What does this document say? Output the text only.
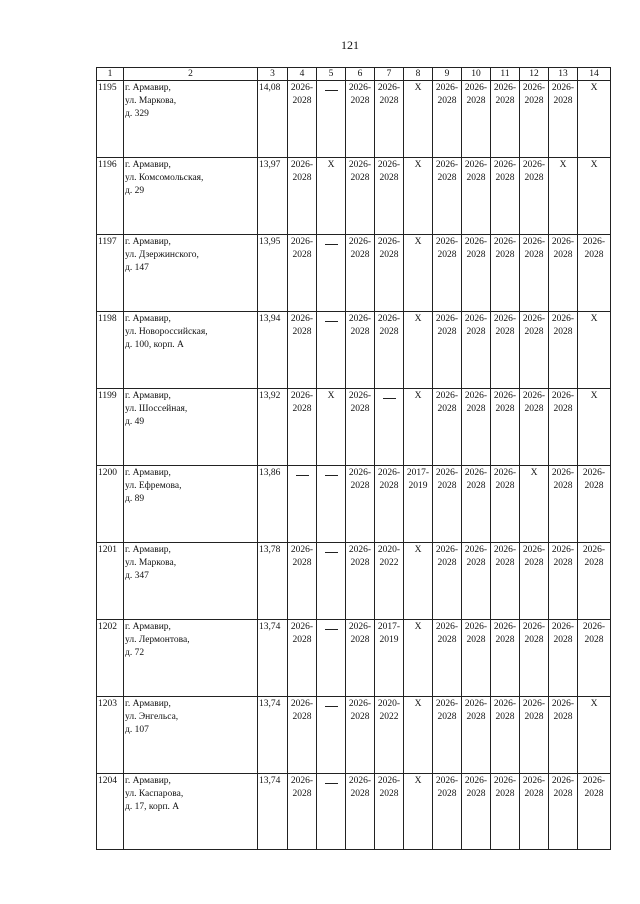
121
1	2	3	4	5	6	7	8	9	10	11	12	13	14
1195	г. Армавир,
ул. Маркова,
д. 329	14,08	2026-2028		2026-2028	2026-2028	Х	2026-2028	2026-2028	2026-2028	2026-2028	2026-2028	Х
1196	г. Армавир,
ул. Комсомольская,
д. 29	13,97	2026-2028	Х	2026-2028	2026-2028	Х	2026-2028	2026-2028	2026-2028	2026-2028	Х	Х
1197	г. Армавир,
ул. Дзержинского,
д. 147	13,95	2026-2028		2026-2028	2026-2028	Х	2026-2028	2026-2028	2026-2028	2026-2028	2026-2028	2026-2028
1198	г. Армавир,
ул. Новороссийская,
д. 100, корп. А	13,94	2026-2028		2026-2028	2026-2028	Х	2026-2028	2026-2028	2026-2028	2026-2028	2026-2028	Х
1199	г. Армавир,
ул. Шоссейная,
д. 49	13,92	2026-2028	Х	2026-2028		Х	2026-2028	2026-2028	2026-2028	2026-2028	2026-2028	Х
1200	г. Армавир,
ул. Ефремова,
д. 89	13,86			2026-2028	2026-2028	2017-2019	2026-2028	2026-2028	2026-2028	Х	2026-2028	2026-2028
1201	г. Армавир,
ул. Маркова,
д. 347	13,78	2026-2028		2026-2028	2020-2022	Х	2026-2028	2026-2028	2026-2028	2026-2028	2026-2028	2026-2028
1202	г. Армавир,
ул. Лермонтова,
д. 72	13,74	2026-2028		2026-2028	2017-2019	Х	2026-2028	2026-2028	2026-2028	2026-2028	2026-2028	2026-2028
1203	г. Армавир,
ул. Энгельса,
д. 107	13,74	2026-2028		2026-2028	2020-2022	Х	2026-2028	2026-2028	2026-2028	2026-2028	2026-2028	Х
1204	г. Армавир,
ул. Каспарова,
д. 17, корп. А	13,74	2026-2028		2026-2028	2026-2028	Х	2026-2028	2026-2028	2026-2028	2026-2028	2026-2028	2026-2028
